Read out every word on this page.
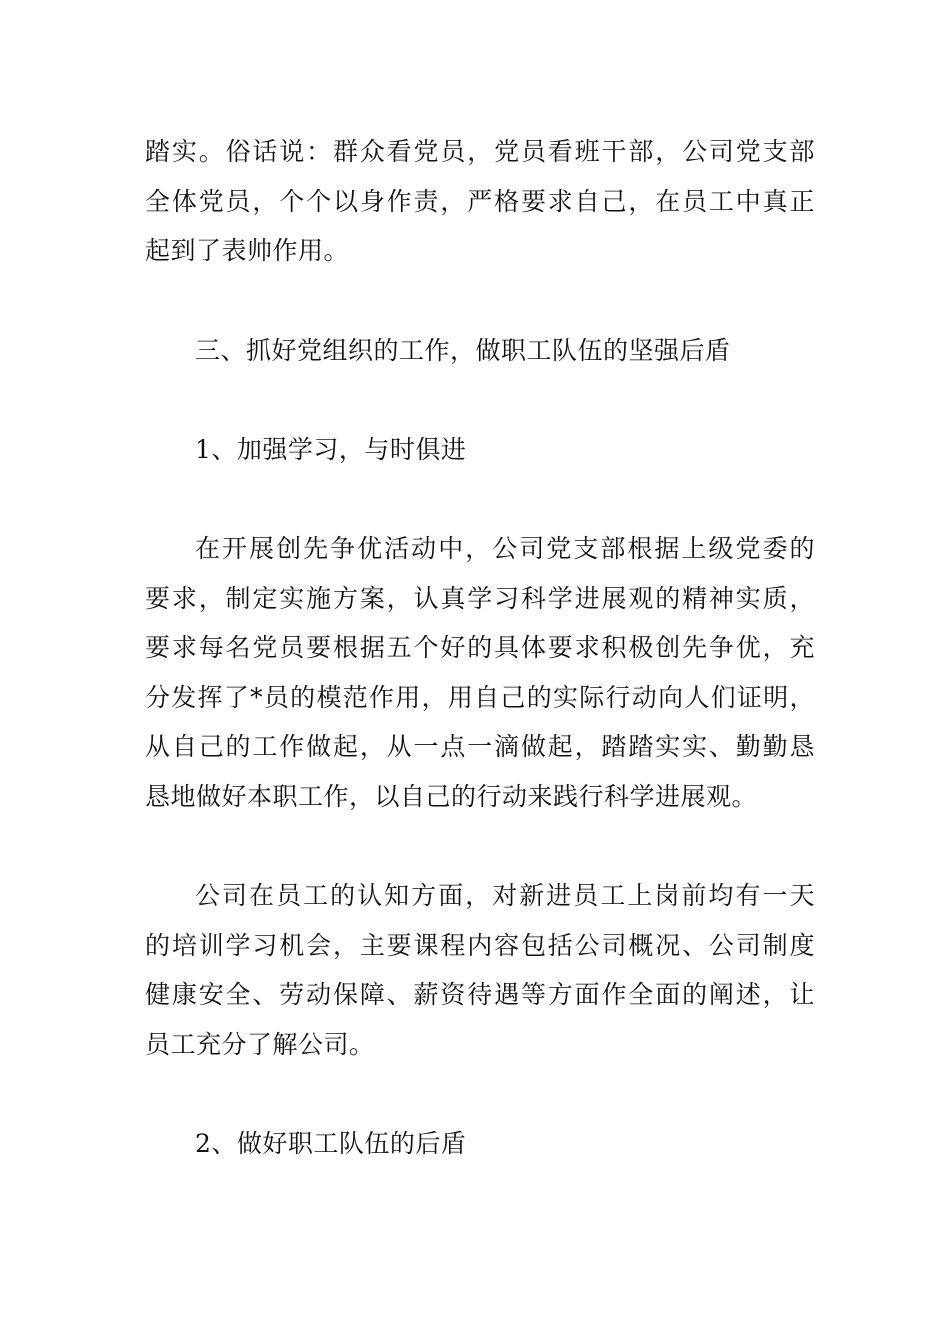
踏实。俗话说：群众看党员，党员看班干部，公司党支部
全体党员，个个以身作责，严格要求自己，在员工中真正
起到了表帅作用。
三、抓好党组织的工作，做职工队伍的坚强后盾
1、加强学习，与时俱进
在开展创先争优活动中，公司党支部根据上级党委的
要求，制定实施方案，认真学习科学进展观的精神实质，
要求每名党员要根据五个好的具体要求积极创先争优，充
分发挥了*员的模范作用，用自己的实际行动向人们证明，
从自己的工作做起，从一点一滴做起，踏踏实实、勤勤恳
恳地做好本职工作，以自己的行动来践行科学进展观。
公司在员工的认知方面，对新进员工上岗前均有一天
的培训学习机会，主要课程内容包括公司概况、公司制度
健康安全、劳动保障、薪资待遇等方面作全面的阐述，让
员工充分了解公司。
2、做好职工队伍的后盾
